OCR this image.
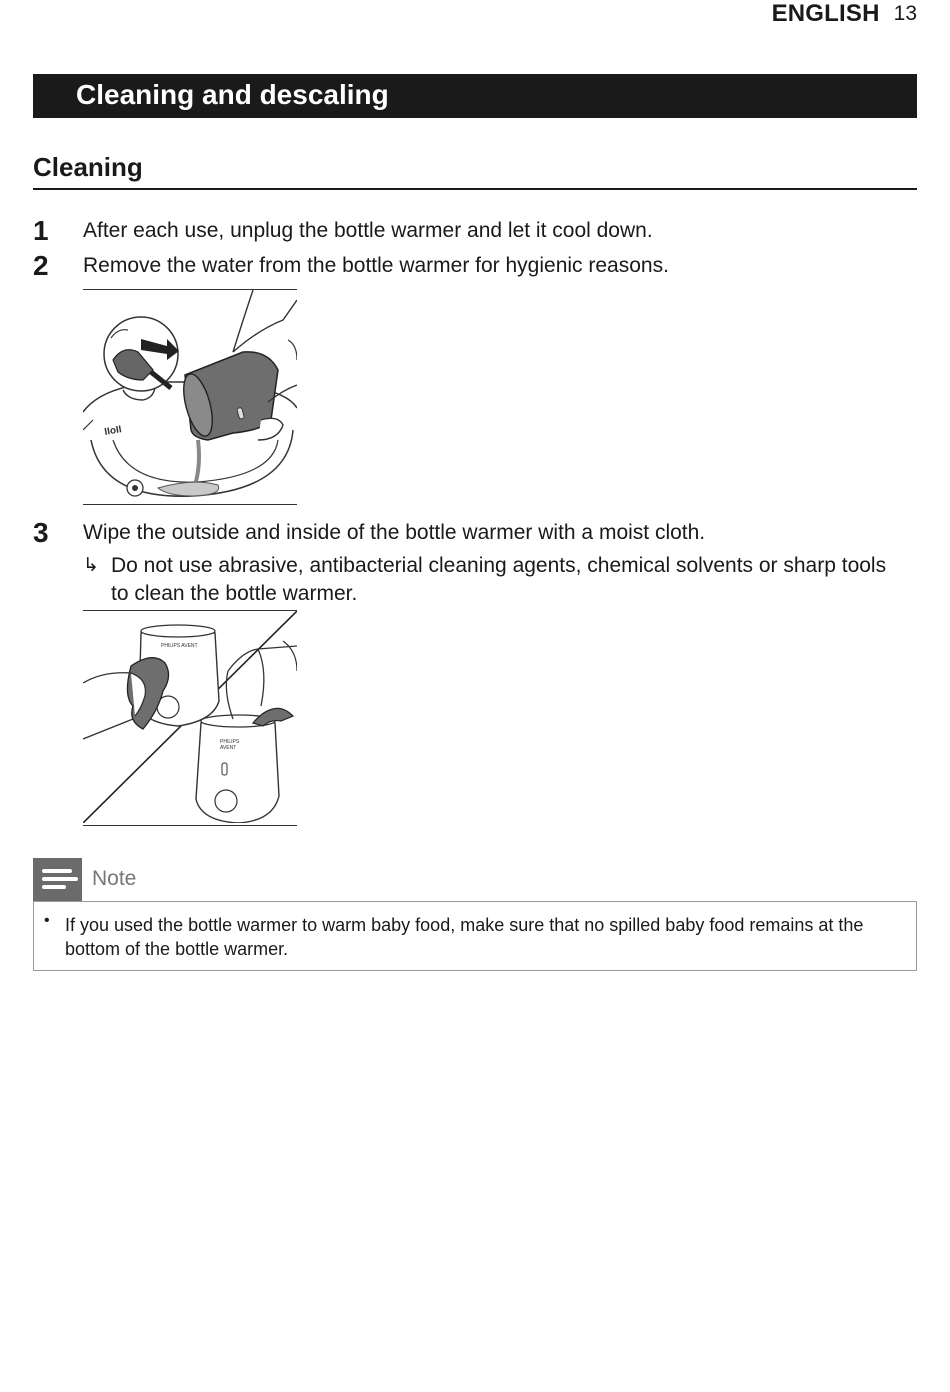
ENGLISH 13
Cleaning and descaling
Cleaning
1 After each use, unplug the bottle warmer and let it cool down.
2 Remove the water from the bottle warmer for hygienic reasons.
IIoII
3 Wipe the outside and inside of the bottle warmer with a moist cloth.
↳ Do not use abrasive, antibacterial cleaning agents, chemical solvents or sharp tools to clean the bottle warmer.
PHILIPS AVENT
PHILIPS
AVENT
Note
• If you used the bottle warmer to warm baby food, make sure that no spilled baby food remains at the bottom of the bottle warmer.
